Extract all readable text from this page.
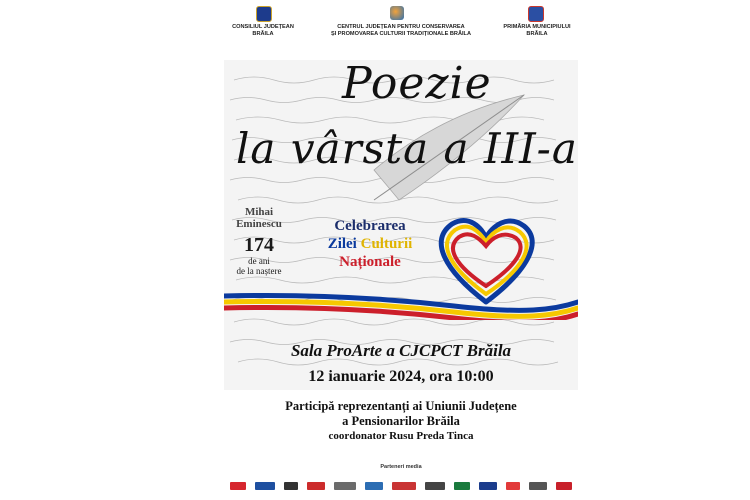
CONSILIUL JUDEȚEAN
BRĂILA
CENTRUL JUDEȚEAN PENTRU CONSERVAREA
ȘI PROMOVAREA CULTURII TRADIȚIONALE BRĂILA
PRIMĂRIA MUNICIPIULUI
BRĂILA
Poezie
la vârsta a III-a
Mihai
Eminescu
174
de ani
de la naștere
Celebrarea
Zilei Culturii
Naționale
Sala ProArte a CJCPCT Brăila
12 ianuarie 2024, ora 10:00
Participă reprezentanți ai Uniunii Județene
a Pensionarilor Brăila
coordonator Rusu Preda Tinca
Parteneri media
